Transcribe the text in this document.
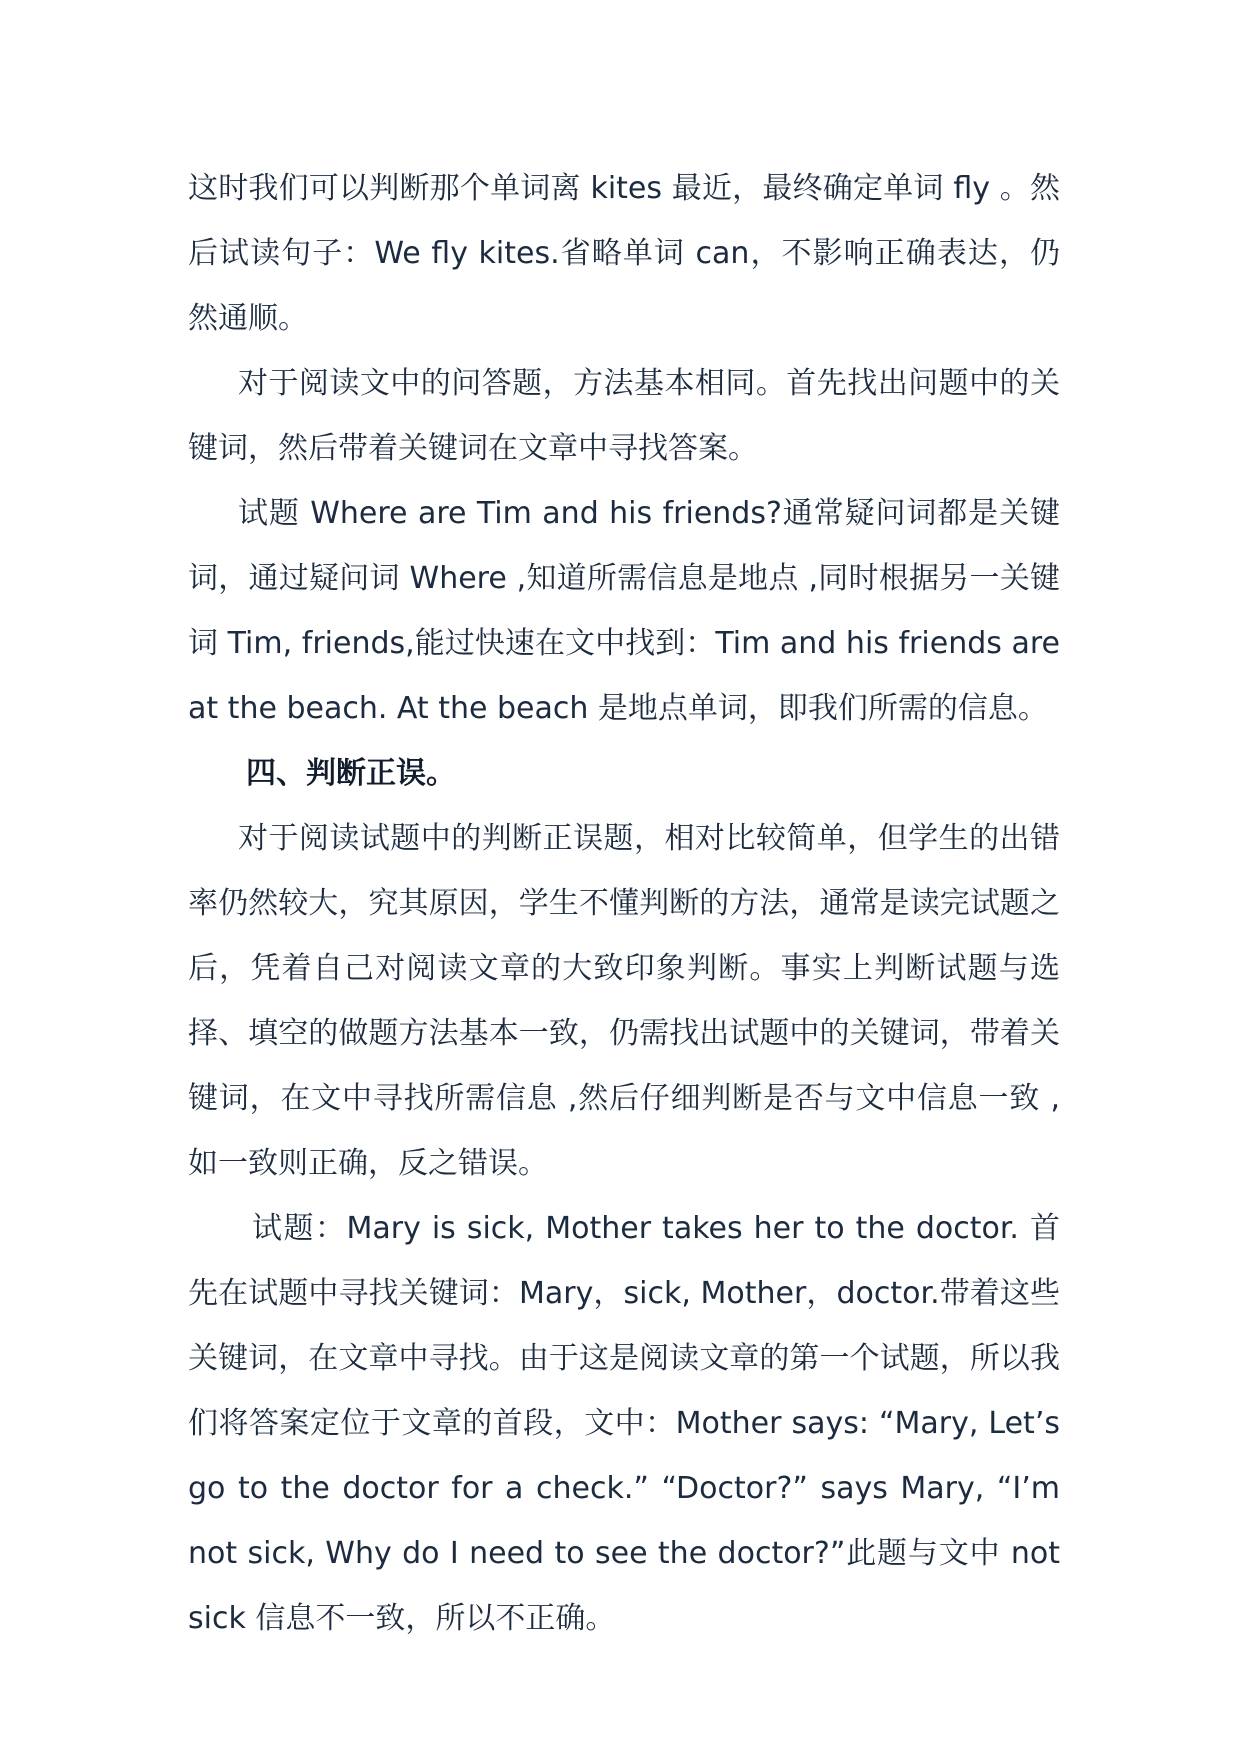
这时我们可以判断那个单词离 kites 最近，最终确定单词 fly 。然后试读句子：We fly kites.省略单词 can，不影响正确表达，仍然通顺。

对于阅读文中的问答题，方法基本相同。首先找出问题中的关键词，然后带着关键词在文章中寻找答案。

试题 Where are Tim and his friends?通常疑问词都是关键词，通过疑问词 Where ,知道所需信息是地点 ,同时根据另一关键词 Tim, friends,能过快速在文中找到：Tim and his friends are at the beach. At the beach 是地点单词，即我们所需的信息。

四、判断正误。

对于阅读试题中的判断正误题，相对比较简单，但学生的出错率仍然较大，究其原因，学生不懂判断的方法，通常是读完试题之后，凭着自己对阅读文章的大致印象判断。事实上判断试题与选择、填空的做题方法基本一致，仍需找出试题中的关键词，带着关键词，在文中寻找所需信息 ,然后仔细判断是否与文中信息一致 ,如一致则正确，反之错误。

试题：Mary is sick, Mother takes her to the doctor. 首先在试题中寻找关键词：Mary，sick, Mother，doctor.带着这些关键词，在文章中寻找。由于这是阅读文章的第一个试题，所以我们将答案定位于文章的首段，文中：Mother says: “Mary, Let’s go to the doctor for a check.” “Doctor?” says Mary, “I’m not sick, Why do I need to see the doctor?”此题与文中 not sick 信息不一致，所以不正确。
